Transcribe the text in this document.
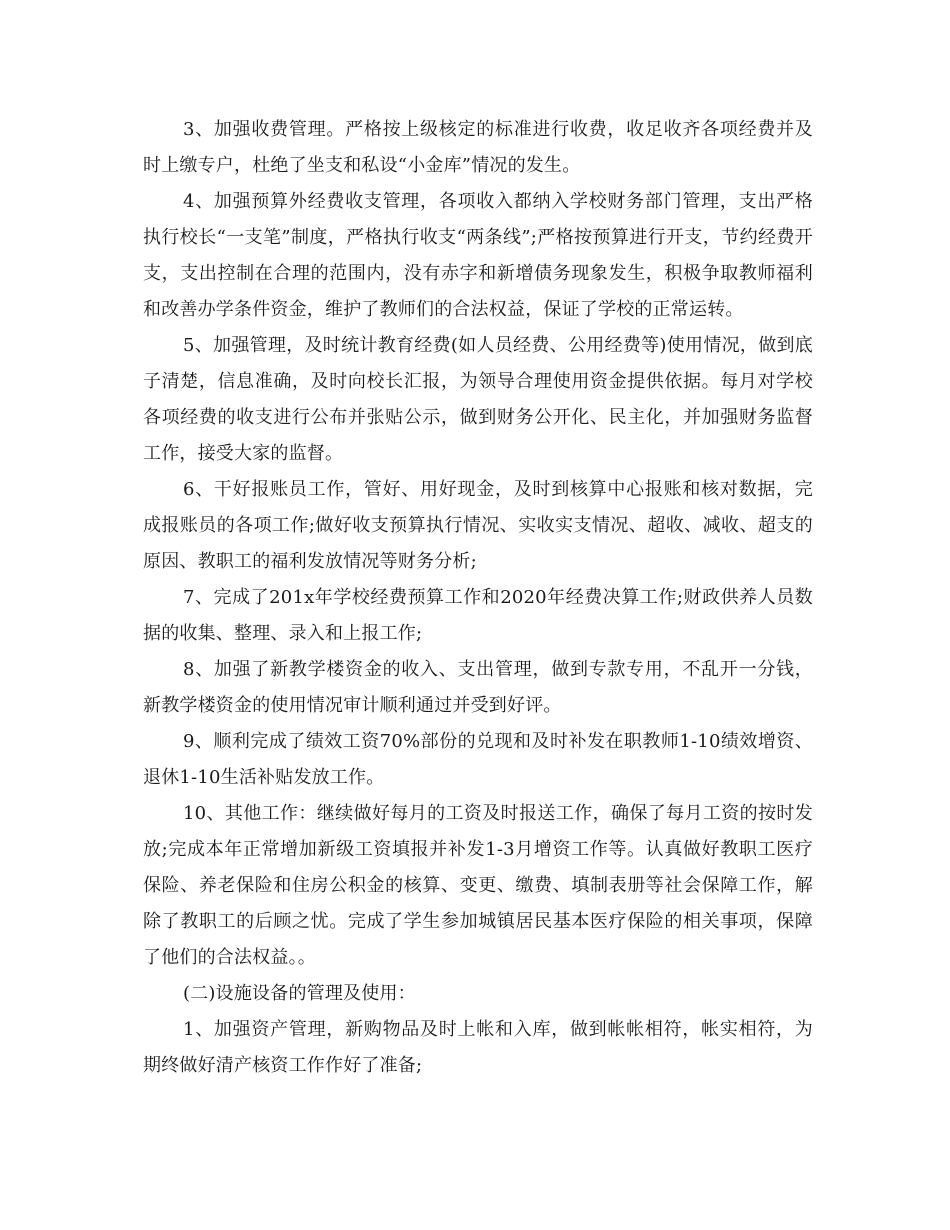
3、加强收费管理。严格按上级核定的标准进行收费，收足收齐各项经费并及时上缴专户，杜绝了坐支和私设“小金库”情况的发生。

4、加强预算外经费收支管理，各项收入都纳入学校财务部门管理，支出严格执行校长“一支笔”制度，严格执行收支“两条线”;严格按预算进行开支，节约经费开支，支出控制在合理的范围内，没有赤字和新增债务现象发生，积极争取教师福利和改善办学条件资金，维护了教师们的合法权益，保证了学校的正常运转。

5、加强管理，及时统计教育经费(如人员经费、公用经费等)使用情况，做到底子清楚，信息准确，及时向校长汇报，为领导合理使用资金提供依据。每月对学校各项经费的收支进行公布并张贴公示，做到财务公开化、民主化，并加强财务监督工作，接受大家的监督。

6、干好报账员工作，管好、用好现金，及时到核算中心报账和核对数据，完成报账员的各项工作;做好收支预算执行情况、实收实支情况、超收、减收、超支的原因、教职工的福利发放情况等财务分析;

7、完成了201x年学校经费预算工作和2020年经费决算工作;财政供养人员数据的收集、整理、录入和上报工作;

8、加强了新教学楼资金的收入、支出管理，做到专款专用，不乱开一分钱，新教学楼资金的使用情况审计顺利通过并受到好评。

9、顺利完成了绩效工资70%部份的兑现和及时补发在职教师1-10绩效增资、退休1-10生活补贴发放工作。

10、其他工作：继续做好每月的工资及时报送工作，确保了每月工资的按时发放;完成本年正常增加新级工资填报并补发1-3月增资工作等。认真做好教职工医疗保险、养老保险和住房公积金的核算、变更、缴费、填制表册等社会保障工作，解除了教职工的后顾之忧。完成了学生参加城镇居民基本医疗保险的相关事项，保障了他们的合法权益。。

(二)设施设备的管理及使用：

1、加强资产管理，新购物品及时上帐和入库，做到帐帐相符，帐实相符，为期终做好清产核资工作作好了准备;
